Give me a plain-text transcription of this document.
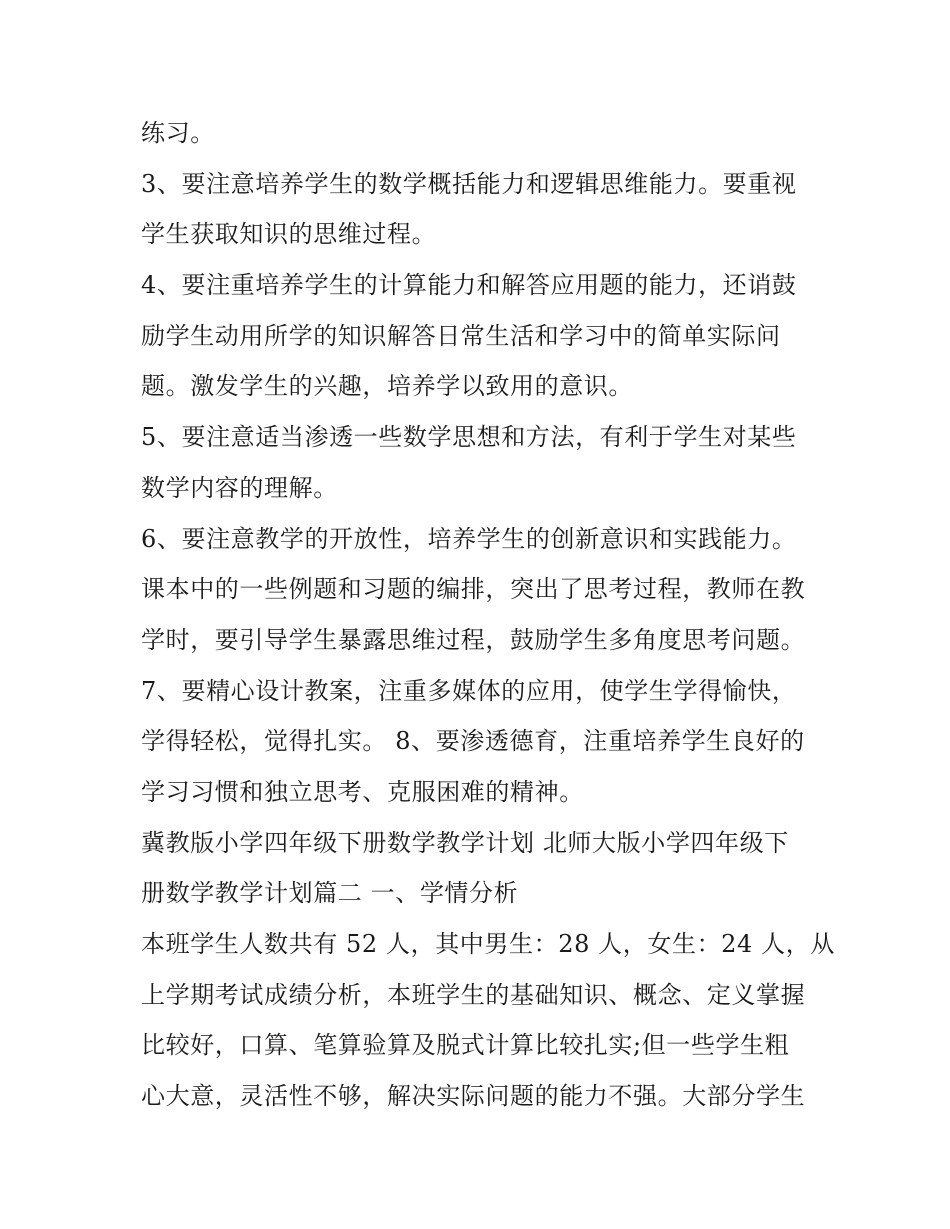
练习。
3、要注意培养学生的数学概括能力和逻辑思维能力。要重视
学生获取知识的思维过程。
4、要注重培养学生的计算能力和解答应用题的能力，还诮鼓
励学生动用所学的知识解答日常生活和学习中的简单实际问
题。激发学生的兴趣，培养学以致用的意识。
5、要注意适当渗透一些数学思想和方法，有利于学生对某些
数学内容的理解。
6、要注意教学的开放性，培养学生的创新意识和实践能力。
课本中的一些例题和习题的编排，突出了思考过程，教师在教
学时，要引导学生暴露思维过程，鼓励学生多角度思考问题。
7、要精心设计教案，注重多媒体的应用，使学生学得愉快，
学得轻松，觉得扎实。 8、要渗透德育，注重培养学生良好的
学习习惯和独立思考、克服困难的精神。
冀教版小学四年级下册数学教学计划 北师大版小学四年级下
册数学教学计划篇二 一、学情分析
本班学生人数共有 52 人，其中男生：28 人，女生：24 人，从
上学期考试成绩分析，本班学生的基础知识、概念、定义掌握
比较好，口算、笔算验算及脱式计算比较扎实;但一些学生粗
心大意，灵活性不够，解决实际问题的能力不强。大部分学生
